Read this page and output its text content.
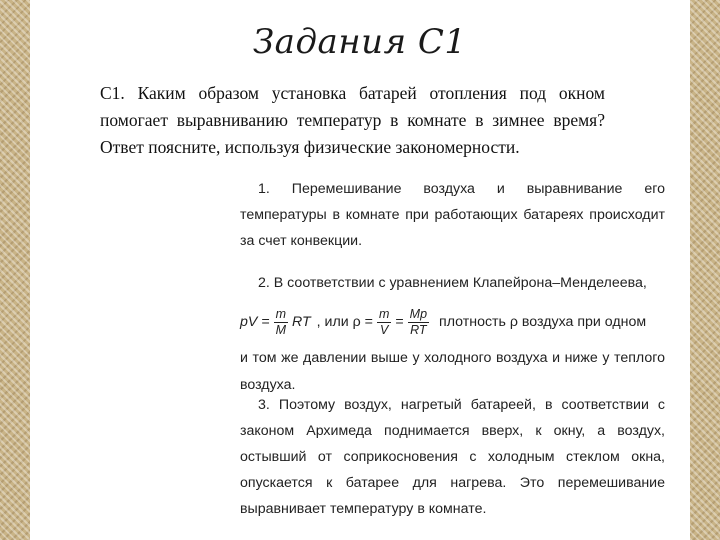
Задания С1
С1. Каким образом установка батарей отопления под окном помогает выравниванию температур в комнате в зимнее время? Ответ поясните, используя физические закономерности.
1. Перемешивание воздуха и выравнивание его температуры в комнате при работающих батареях происходит за счет конвекции.
2. В соответствии с уравнением Клапейрона–Менделеева,
pV = $\frac{m}{M}$ RT , или $\rho = \frac{m}{V} = \frac{Mp}{RT}$ плотность ρ воздуха при одном
и том же давлении выше у холодного воздуха и ниже у теплого воздуха.
3. Поэтому воздух, нагретый батареей, в соответствии с законом Архимеда поднимается вверх, к окну, а воздух, остывший от соприкосновения с холодным стеклом окна, опускается к батарее для нагрева. Это перемешивание выравнивает температуру в комнате.
